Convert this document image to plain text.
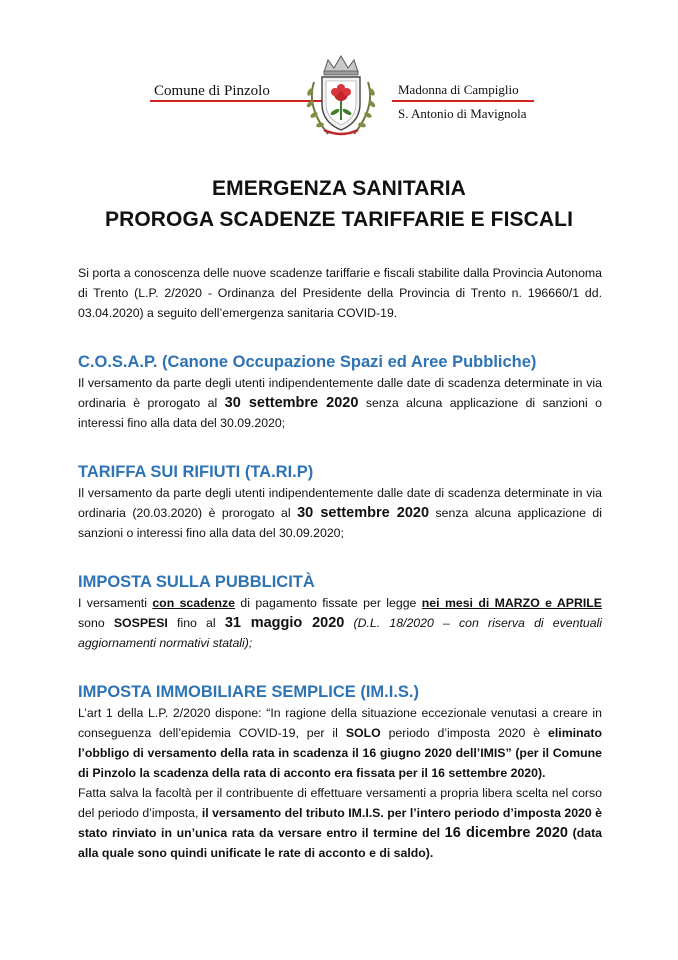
Comune di Pinzolo	Madonna di Campiglio
S. Antonio di Mavignola
EMERGENZA SANITARIA
PROROGA SCADENZE TARIFFARIE E FISCALI

Si porta a conoscenza delle nuove scadenze tariffarie e fiscali stabilite dalla Provincia Autonoma di Trento (L.P. 2/2020 - Ordinanza del Presidente della Provincia di Trento n. 196660/1 dd. 03.04.2020) a seguito dell’emergenza sanitaria COVID-19.

C.O.S.A.P. (Canone Occupazione Spazi ed Aree Pubbliche)

Il versamento da parte degli utenti indipendentemente dalle date di scadenza determinate in via ordinaria è prorogato al 30 settembre 2020 senza alcuna applicazione di sanzioni o interessi fino alla data del 30.09.2020;

TARIFFA SUI RIFIUTI (TA.RI.P)

Il versamento da parte degli utenti indipendentemente dalle date di scadenza determinate in via ordinaria (20.03.2020) è prorogato al 30 settembre 2020 senza alcuna applicazione di sanzioni o interessi fino alla data del 30.09.2020;

IMPOSTA SULLA PUBBLICITÀ

I versamenti con scadenze di pagamento fissate per legge nei mesi di MARZO e APRILE sono SOSPESI fino al 31 maggio 2020 (D.L. 18/2020 – con riserva di eventuali aggiornamenti normativi statali);

IMPOSTA IMMOBILIARE SEMPLICE (IM.I.S.)

L’art 1 della L.P. 2/2020 dispone: “In ragione della situazione eccezionale venutasi a creare in conseguenza dell’epidemia COVID-19, per il SOLO periodo d’imposta 2020 è eliminato l’obbligo di versamento della rata in scadenza il 16 giugno 2020 dell’IMIS” (per il Comune di Pinzolo la scadenza della rata di acconto era fissata per il 16 settembre 2020).

Fatta salva la facoltà per il contribuente di effettuare versamenti a propria libera scelta nel corso del periodo d’imposta, il versamento del tributo IM.I.S. per l’intero periodo d’imposta 2020 è stato rinviato in un’unica rata da versare entro il termine del 16 dicembre 2020 (data alla quale sono quindi unificate le rate di acconto e di saldo).
